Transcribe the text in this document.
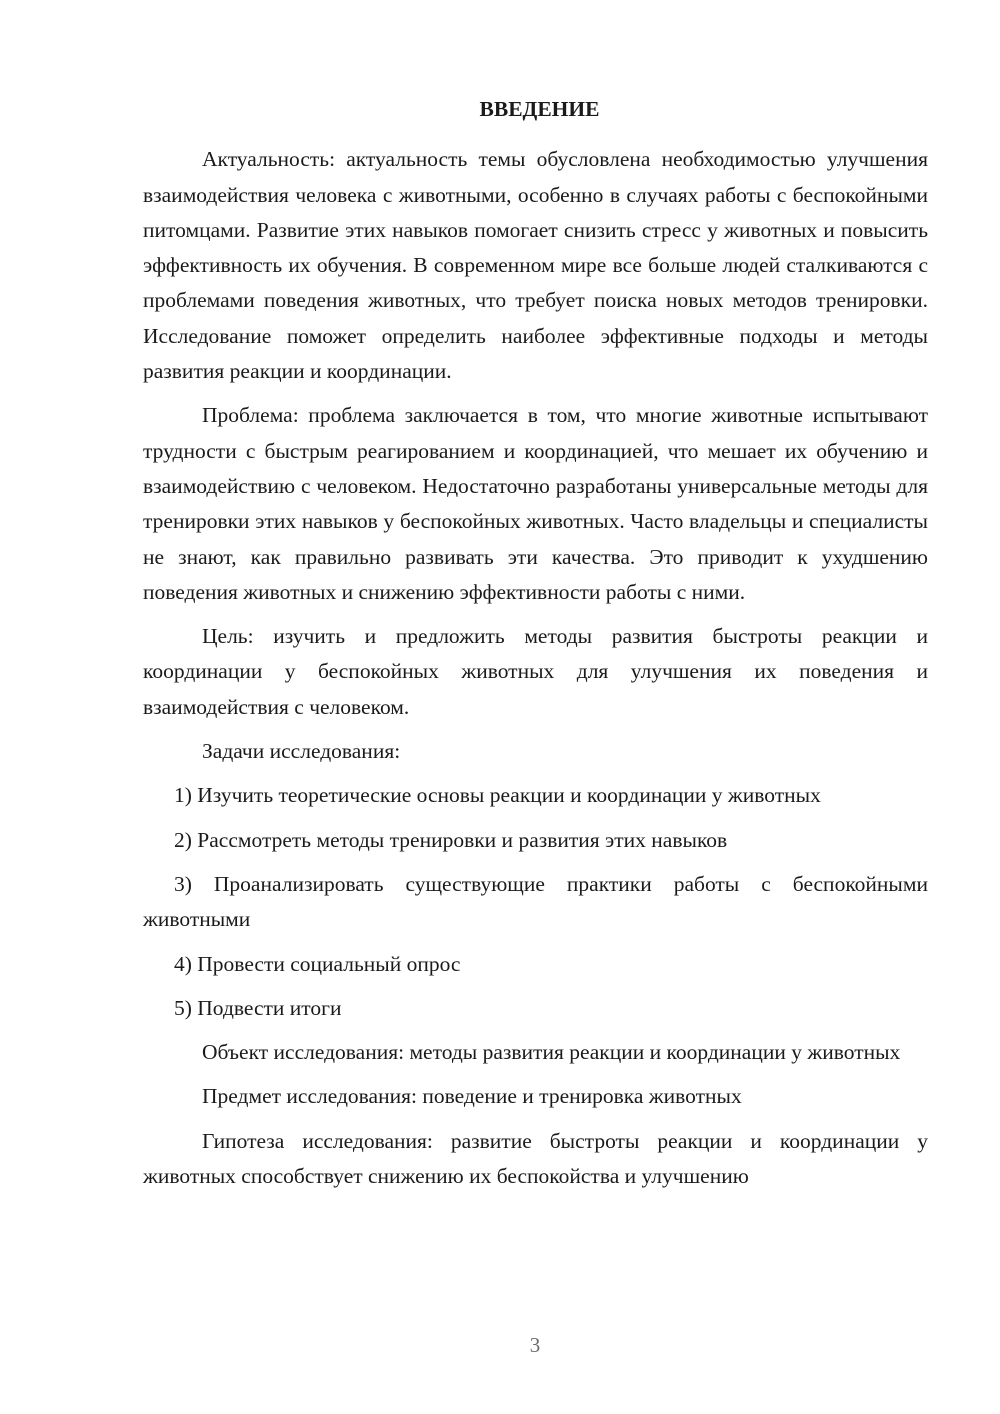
ВВЕДЕНИЕ

Актуальность: актуальность темы обусловлена необходимостью улучшения взаимодействия человека с животными, особенно в случаях работы с беспокойными питомцами. Развитие этих навыков помогает снизить стресс у животных и повысить эффективность их обучения. В современном мире все больше людей сталкиваются с проблемами поведения животных, что требует поиска новых методов тренировки. Исследование поможет определить наиболее эффективные подходы и методы развития реакции и координации.

Проблема: проблема заключается в том, что многие животные испытывают трудности с быстрым реагированием и координацией, что мешает их обучению и взаимодействию с человеком. Недостаточно разработаны универсальные методы для тренировки этих навыков у беспокойных животных. Часто владельцы и специалисты не знают, как правильно развивать эти качества. Это приводит к ухудшению поведения животных и снижению эффективности работы с ними.

Цель: изучить и предложить методы развития быстроты реакции и координации у беспокойных животных для улучшения их поведения и взаимодействия с человеком.

Задачи исследования:

1) Изучить теоретические основы реакции и координации у животных

2) Рассмотреть методы тренировки и развития этих навыков

3) Проанализировать существующие практики работы с беспокойными животными

4) Провести социальный опрос

5) Подвести итоги

Объект исследования: методы развития реакции и координации у животных

Предмет исследования: поведение и тренировка животных

Гипотеза исследования: развитие быстроты реакции и координации у животных способствует снижению их беспокойства и улучшению

3
